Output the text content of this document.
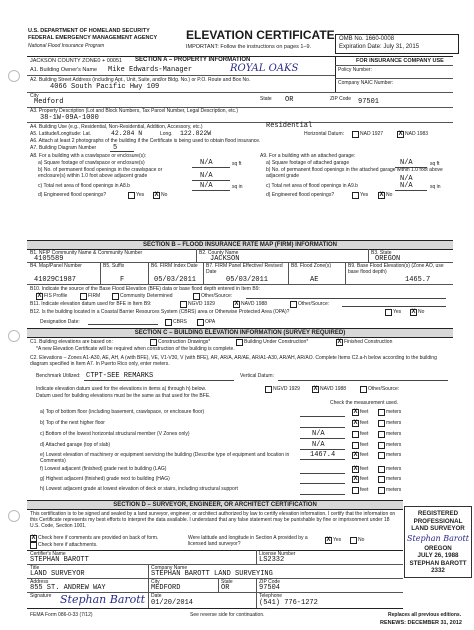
U.S. DEPARTMENT OF HOMELAND SECURITY
FEDERAL EMERGENCY MANAGEMENT AGENCY
National Flood Insurance Program
ELEVATION CERTIFICATE
IMPORTANT: Follow the instructions on pages 1–9.
OMB No. 1660-0008
Expiration Date: July 31, 2015
JACKSON COUNTY ZONE0 + 00051 SECTION A – PROPERTY INFORMATION	FOR INSURANCE COMPANY USE
Policy Number:
Company NAIC Number:
A1. Building Owner's Name Mike Edwards-Manager	ROYAL OAKS
A2. Building Street Address (including Apt., Unit, Suite, and/or Bldg. No.) or P.O. Route and Box No.
4066 South Pacific Hwy 109
City
Medford	State OR	ZIP Code 97501
A3. Property Description (Lot and Block Numbers, Tax Parcel Number, Legal Description, etc.)
38-1W-09A-1000
A4. Building Use (e.g., Residential, Non-Residential, Addition, Accessory, etc.)	Residential
A5. Latitude/Longitude: Lat.	42.284 N	Long. 122.822W	Horizontal Datum:	NAD 1927 X	NAD 1983
A6. Attach at least 2 photographs of the building if the Certificate is being used to obtain flood insurance.
A7. Building Diagram Number 5
A8. For a building with a crawlspace or enclosure(s):
a) Square footage of crawlspace or enclosure(s)	N/A	sq ft
b) No. of permanent flood openings in the crawlspace or enclosure(s) within 1.0 foot above adjacent grade	N/A
c) Total net area of flood openings in A8.b	N/A	sq in
d) Engineered flood openings?	Yes X	No
A9. For a building with an attached garage:
a) Square footage of attached garage	N/A	sq ft
b) No. of permanent flood openings in the attached garage within 1.0 foot above adjacent grade	N/A
c) Total net area of flood openings in A9.b	N/A	sq in
d) Engineered flood openings?	Yes X	No
SECTION B – FLOOD INSURANCE RATE MAP (FIRM) INFORMATION
B1. NFIP Community Name & Community Number
4105589
B2. County Name
JACKSON
B3. State
OREGON
B4. Map/Panel Number
41029C1987
B5. Suffix
F
B6. FIRM Index Date
05/03/2011
B7. FIRM Panel Effective/ Revised Date
05/03/2011
B8. Flood Zone(s)
AE
B9. Base Flood Elevation(s) (Zone AO, use base flood depth)
1465.7
B10. Indicate the source of the Base Flood Elevation (BFE) data or base flood depth entered in Item B9:
X
FIS Profile	FIRM	Community Determined	Other/Source:
B11. Indicate elevation datum used for BFE in Item B9:	NGVD 1929 X	NAVD 1988	Other/Source:
B12. Is the building located in a Coastal Barrier Resources System (CBRS) area or Otherwise Protected Area (OPA)?	Yes X	No
Designation Date:	CBRS	OPA
SECTION C – BUILDING ELEVATION INFORMATION (SURVEY REQUIRED)
C1. Building elevations are based on:	Construction Drawings*	Building Under Construction* X	Finished Construction
*A new Elevation Certificate will be required when construction of the building is complete.
C2. Elevations – Zones A1-A30, AE, AH, A (with BFE), VE, V1-V30, V (with BFE), AR, AR/A, AR/AE, AR/A1-A30, AR/AH, AR/AO. Complete Items C2.a-h below according to the building diagram specified in Item A7. In Puerto Rico only, enter meters.
Benchmark Utilized: CTPT-SEE REMARKS	Vertical Datum:
Indicate elevation datum used for the elevations in items a) through h) below.	NGVD 1929 X	NAVD 1988	Other/Source:
Datum used for building elevations must be the same as that used for the BFE.
Check the measurement used.
a) Top of bottom floor (including basement, crawlspace, or enclosure floor) X	feet	meters
b) Top of the next higher floor X	feet	meters
c) Bottom of the lowest horizontal structural member (V Zones only)	N/A	feet	meters
d) Attached garage (top of slab)	N/A	feet	meters
e) Lowest elevation of machinery or equipment servicing the building (Describe type of equipment and location in Comments)
1467.4 X	feet	meters
f) Lowest adjacent (finished) grade next to building (LAG) X	feet	meters
g) Highest adjacent (finished) grade next to building (HAG) X	feet	meters
h) Lowest adjacent grade at lowest elevation of deck or stairs, including structural support	feet	meters
SECTION D – SURVEYOR, ENGINEER, OR ARCHITECT CERTIFICATION
This certification is to be signed and sealed by a land surveyor, engineer, or architect authorized by law to certify elevation information. I certify that the information on this Certificate represents my best efforts to interpret the data available. I understand that any false statement may be punishable by fine or imprisonment under 18 U.S. Code, Section 1001.
X
Check here if comments are provided on back of form.
Check here if attachments.
Were latitude and longitude in Section A provided by a licensed land surveyor?
X
Yes	No
Certifier's Name
STEPHAN BAROTT
License Number
LS2332
Title
LAND SURVEYOR
Company Name
STEPHAN BAROTT LAND SURVEYING
Address
855 ST. ANDREW WAY
City
MEDFORD
State
OR
ZIP Code
97504
Signature Stephan Barott Date
01/20/2014
Telephone
(541) 776-1272
FEMA Form 086-0-33 (7/12)	See reverse side for continuation.	Replaces all previous editions.
REGISTERED
PROFESSIONAL
LAND SURVEYOR
Stephan Barott
OREGON
JULY 26, 1988
STEPHAN BAROTT
2332
RENEWS: DECEMBER 31, 2012
